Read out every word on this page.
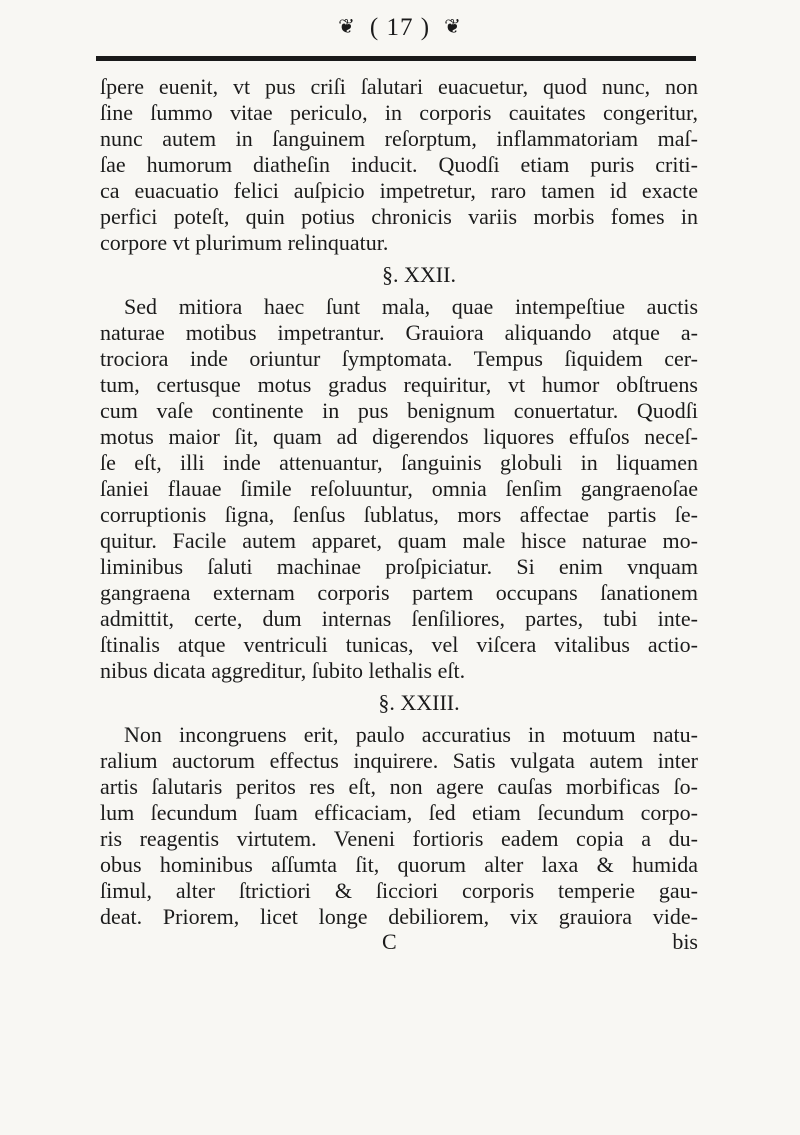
❦ ( 17 ) ❦
ſpere euenit, vt pus criſi ſalutari euacuetur, quod nunc, non
ſine ſummo vitae periculo, in corporis cauitates congeritur,
nunc autem in ſanguinem reſorptum, inflammatoriam maſ-
ſae humorum diatheſin inducit. Quodſi etiam puris criti-
ca euacuatio felici auſpicio impetretur, raro tamen id exacte
perfici poteſt, quin potius chronicis variis morbis fomes in
corpore vt plurimum relinquatur.
§. XXII.
Sed mitiora haec ſunt mala, quae intempeſtiue auctis
naturae motibus impetrantur. Grauiora aliquando atque a-
trociora inde oriuntur ſymptomata. Tempus ſiquidem cer-
tum, certusque motus gradus requiritur, vt humor obſtruens
cum vaſe continente in pus benignum conuertatur. Quodſi
motus maior ſit, quam ad digerendos liquores effuſos neceſ-
ſe eſt, illi inde attenuantur, ſanguinis globuli in liquamen
ſaniei flauae ſimile reſoluuntur, omnia ſenſim gangraenoſae
corruptionis ſigna, ſenſus ſublatus, mors affectae partis ſe-
quitur. Facile autem apparet, quam male hisce naturae mo-
liminibus ſaluti machinae proſpiciatur. Si enim vnquam
gangraena externam corporis partem occupans ſanationem
admittit, certe, dum internas ſenſiliores, partes, tubi inte-
ſtinalis atque ventriculi tunicas, vel viſcera vitalibus actio-
nibus dicata aggreditur, ſubito lethalis eſt.
§. XXIII.
Non incongruens erit, paulo accuratius in motuum natu-
ralium auctorum effectus inquirere. Satis vulgata autem inter
artis ſalutaris peritos res eſt, non agere cauſas morbificas ſo-
lum ſecundum ſuam efficaciam, ſed etiam ſecundum corpo-
ris reagentis virtutem. Veneni fortioris eadem copia a du-
obus hominibus aſſumta ſit, quorum alter laxa & humida
ſimul, alter ſtrictiori & ſicciori corporis temperie gau-
deat. Priorem, licet longe debiliorem, vix grauiora vide-
C	bis
